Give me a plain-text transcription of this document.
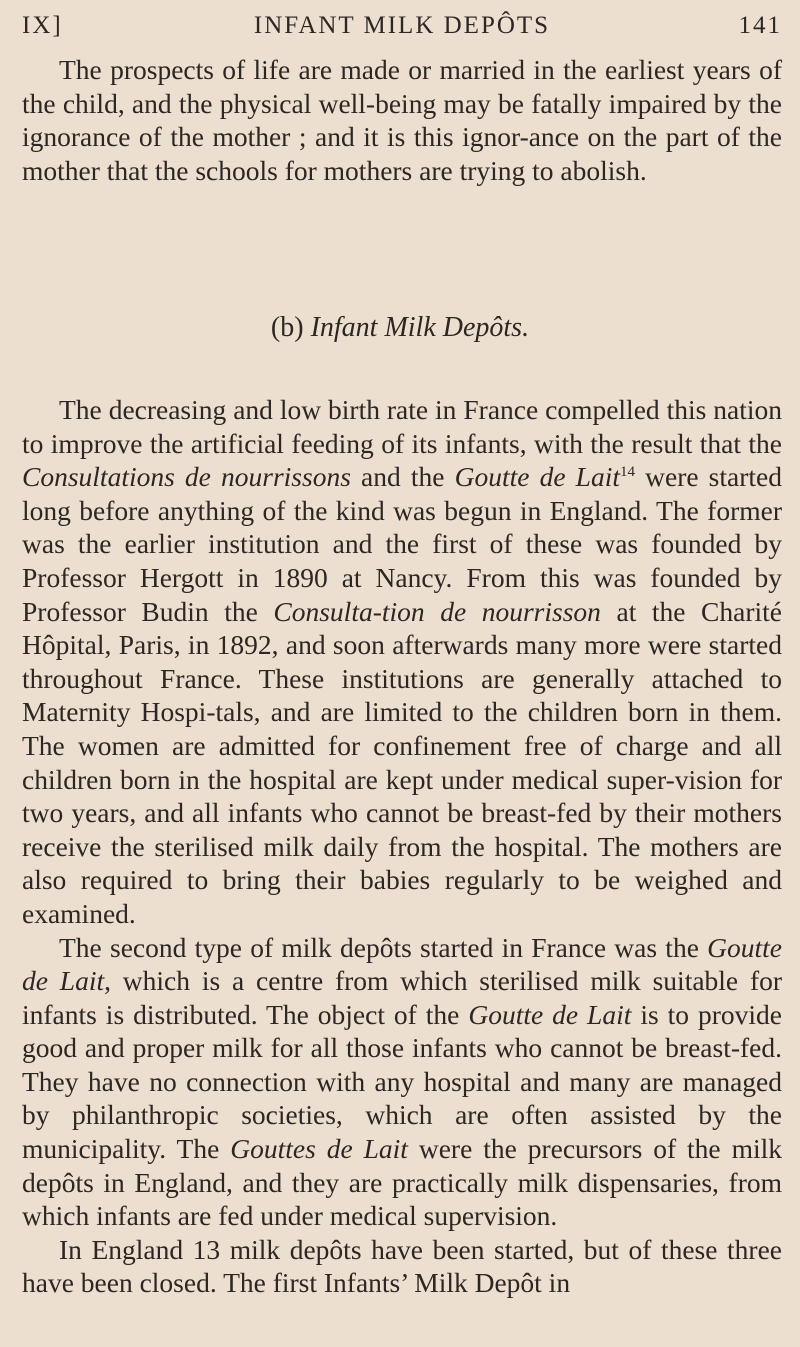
IX]	INFANT MILK DEPÔTS	141

The prospects of life are made or married in the earliest years of the child, and the physical well-being may be fatally impaired by the ignorance of the mother ; and it is this ignor-ance on the part of the mother that the schools for mothers are trying to abolish.

(b) Infant Milk Depôts.

The decreasing and low birth rate in France compelled this nation to improve the artificial feeding of its infants, with the result that the Consultations de nourrissons and the Goutte de Lait$^{14}$ were started long before anything of the kind was begun in England. The former was the earlier institution and the first of these was founded by Professor Hergott in 1890 at Nancy. From this was founded by Professor Budin the Consulta-tion de nourrisson at the Charité Hôpital, Paris, in 1892, and soon afterwards many more were started throughout France. These institutions are generally attached to Maternity Hospi-tals, and are limited to the children born in them. The women are admitted for confinement free of charge and all children born in the hospital are kept under medical super-vision for two years, and all infants who cannot be breast-fed by their mothers receive the sterilised milk daily from the hospital. The mothers are also required to bring their babies regularly to be weighed and examined.

The second type of milk depôts started in France was the Goutte de Lait, which is a centre from which sterilised milk suitable for infants is distributed. The object of the Goutte de Lait is to provide good and proper milk for all those infants who cannot be breast-fed. They have no connection with any hospital and many are managed by philanthropic societies, which are often assisted by the municipality. The Gouttes de Lait were the precursors of the milk depôts in England, and they are practically milk dispensaries, from which infants are fed under medical supervision.

In England 13 milk depôts have been started, but of these three have been closed. The first Infants’ Milk Depôt in
